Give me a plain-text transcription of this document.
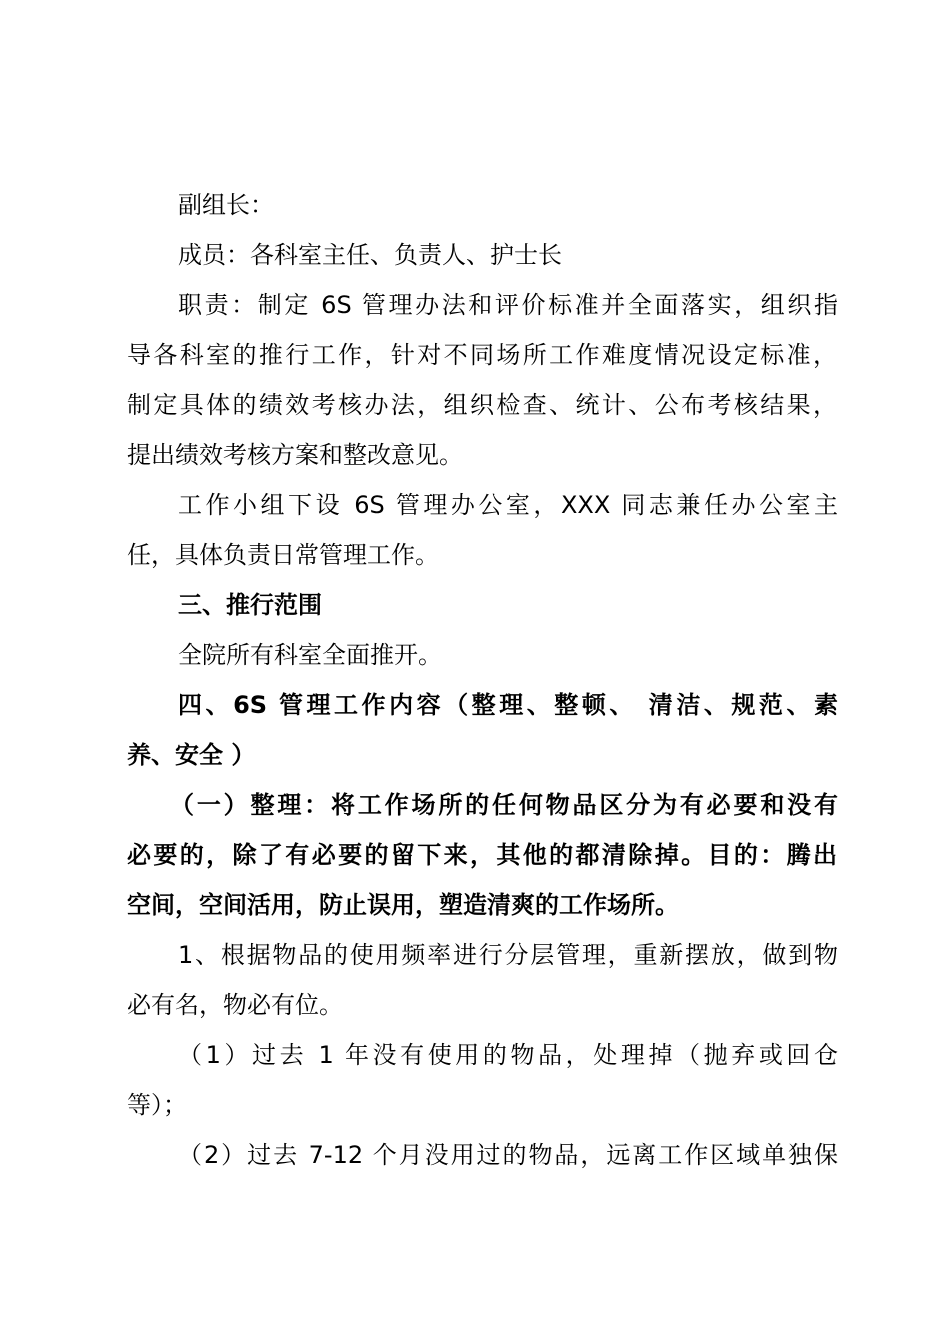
副组长：
成员：各科室主任、负责人、护士长
职责：制定 6S 管理办法和评价标准并全面落实，组织指
导各科室的推行工作，针对不同场所工作难度情况设定标准，
制定具体的绩效考核办法，组织检查、统计、公布考核结果，
提出绩效考核方案和整改意见。
工作小组下设 6S 管理办公室，XXX 同志兼任办公室主
任，具体负责日常管理工作。
三、推行范围
全院所有科室全面推开。
四、6S 管理工作内容（整理、整顿、 清洁、规范、素
养、安全 ）
（一）整理：将工作场所的任何物品区分为有必要和没有
必要的，除了有必要的留下来，其他的都清除掉。目的：腾出
空间，空间活用，防止误用，塑造清爽的工作场所。
1、根据物品的使用频率进行分层管理，重新摆放，做到物
必有名，物必有位。
（1）过去 1 年没有使用的物品，处理掉（抛弃或回仓
等）；
（2）过去 7-12 个月没用过的物品，远离工作区域单独保
